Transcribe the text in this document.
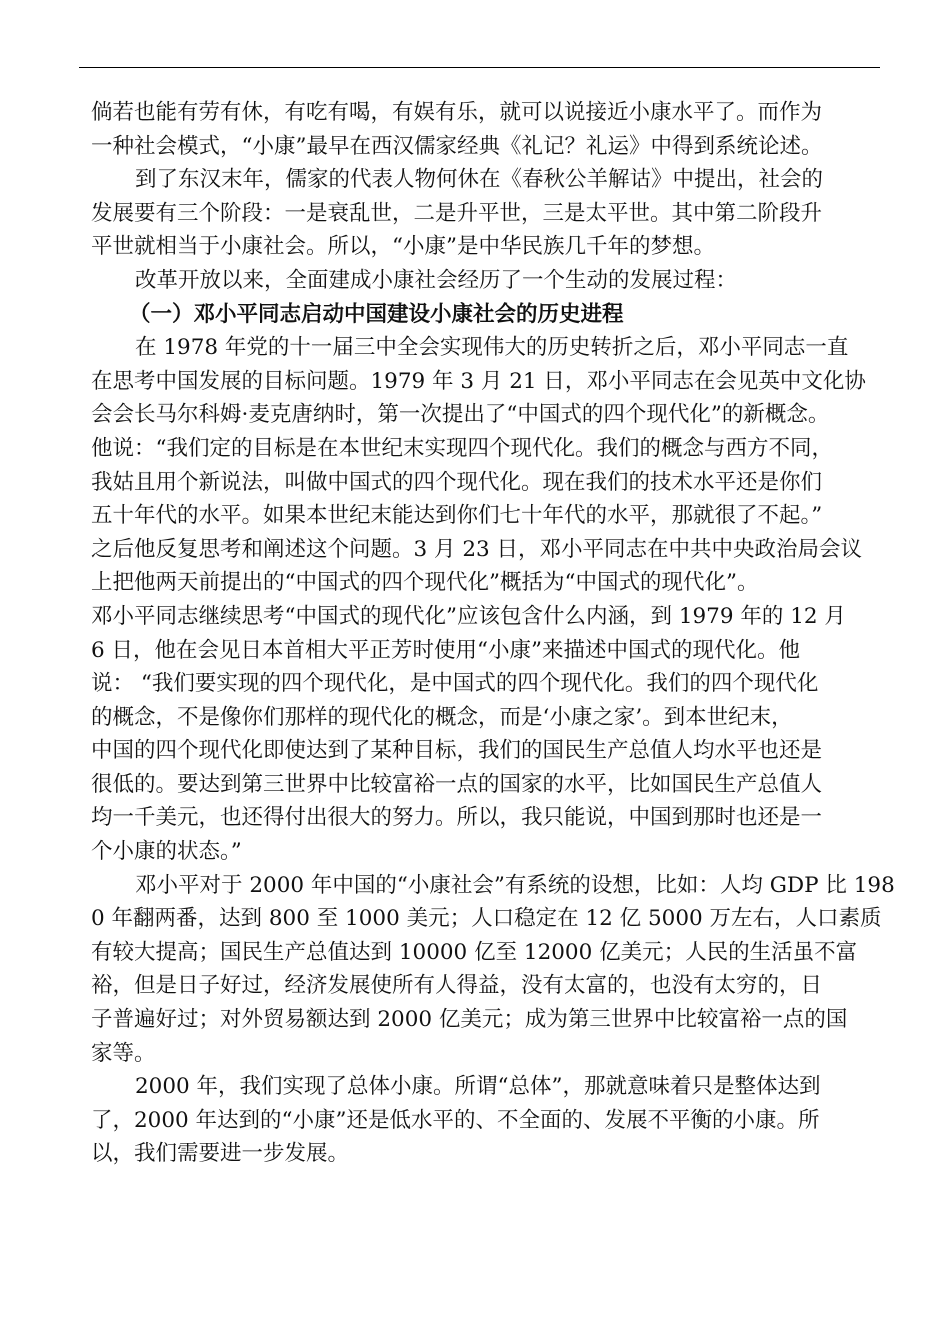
倘若也能有劳有休，有吃有喝，有娱有乐，就可以说接近小康水平了。而作为
一种社会模式，“小康”最早在西汉儒家经典《礼记？礼运》中得到系统论述。
到了东汉末年，儒家的代表人物何休在《春秋公羊解诂》中提出，社会的
发展要有三个阶段：一是衰乱世，二是升平世，三是太平世。其中第二阶段升
平世就相当于小康社会。所以，“小康”是中华民族几千年的梦想。
改革开放以来，全面建成小康社会经历了一个生动的发展过程：
（一）邓小平同志启动中国建设小康社会的历史进程
在 1978 年党的十一届三中全会实现伟大的历史转折之后，邓小平同志一直
在思考中国发展的目标问题。1979 年 3 月 21 日，邓小平同志在会见英中文化协
会会长马尔科姆·麦克唐纳时，第一次提出了“中国式的四个现代化”的新概念。
他说：“我们定的目标是在本世纪末实现四个现代化。我们的概念与西方不同，
我姑且用个新说法，叫做中国式的四个现代化。现在我们的技术水平还是你们
五十年代的水平。如果本世纪末能达到你们七十年代的水平，那就很了不起。”
之后他反复思考和阐述这个问题。3 月 23 日，邓小平同志在中共中央政治局会议
上把他两天前提出的“中国式的四个现代化”概括为“中国式的现代化”。
邓小平同志继续思考“中国式的现代化”应该包含什么内涵，到 1979 年的 12 月
6 日，他在会见日本首相大平正芳时使用“小康”来描述中国式的现代化。他
说： “我们要实现的四个现代化，是中国式的四个现代化。我们的四个现代化
的概念，不是像你们那样的现代化的概念，而是‘小康之家’。到本世纪末，
中国的四个现代化即使达到了某种目标，我们的国民生产总值人均水平也还是
很低的。要达到第三世界中比较富裕一点的国家的水平，比如国民生产总值人
均一千美元，也还得付出很大的努力。所以，我只能说，中国到那时也还是一
个小康的状态。”
邓小平对于 2000 年中国的“小康社会”有系统的设想，比如：人均 GDP 比 198
0 年翻两番，达到 800 至 1000 美元；人口稳定在 12 亿 5000 万左右，人口素质
有较大提高；国民生产总值达到 10000 亿至 12000 亿美元；人民的生活虽不富
裕，但是日子好过，经济发展使所有人得益，没有太富的，也没有太穷的，日
子普遍好过；对外贸易额达到 2000 亿美元；成为第三世界中比较富裕一点的国
家等。
2000 年，我们实现了总体小康。所谓“总体”，那就意味着只是整体达到
了，2000 年达到的“小康”还是低水平的、不全面的、发展不平衡的小康。所
以，我们需要进一步发展。
